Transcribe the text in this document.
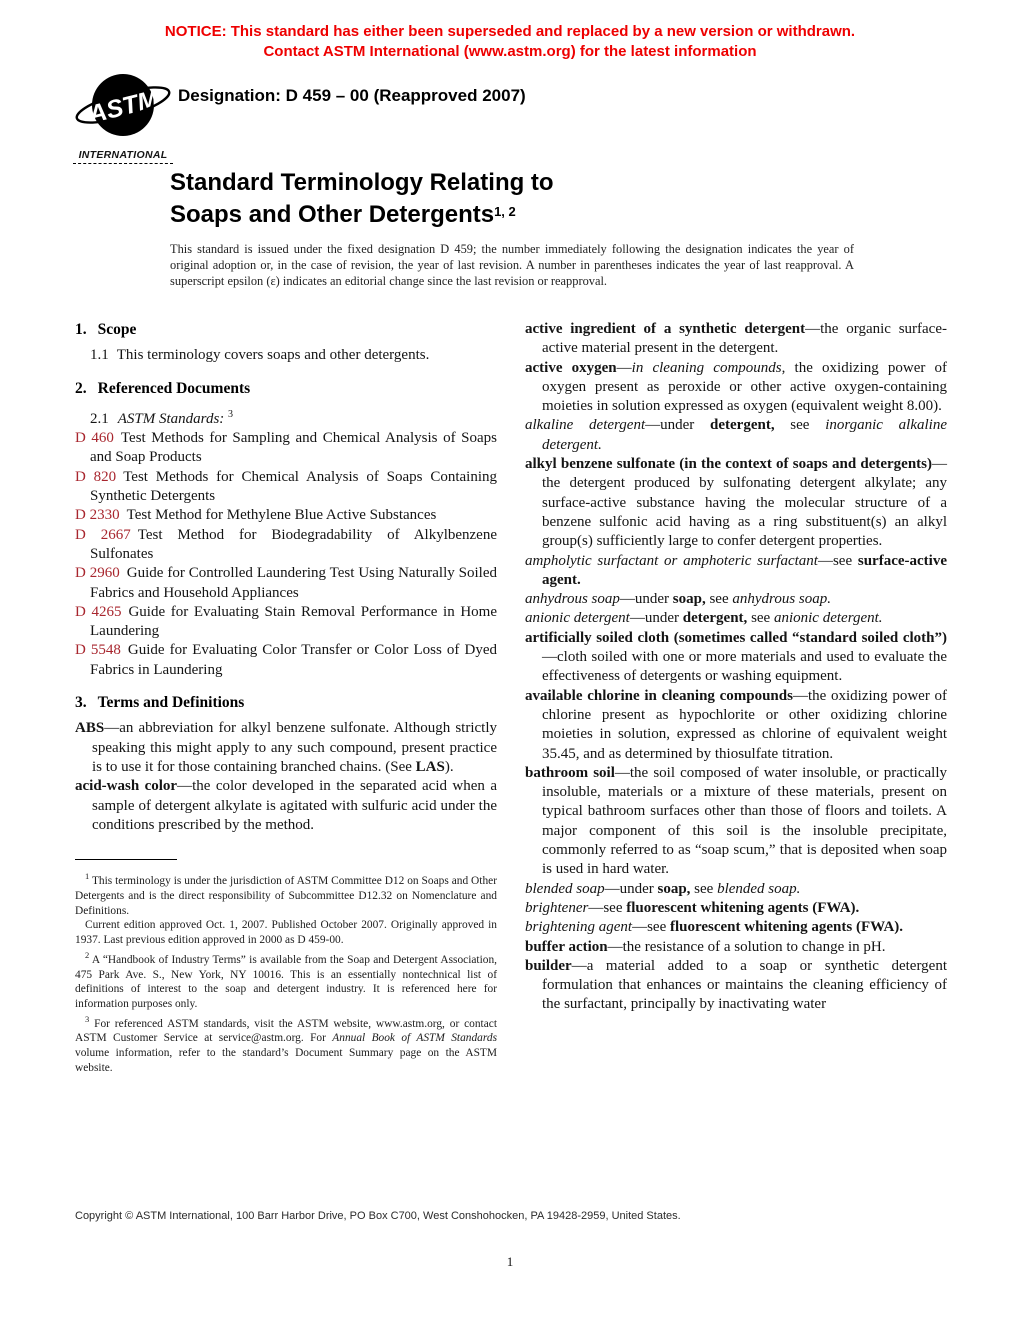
NOTICE: This standard has either been superseded and replaced by a new version or withdrawn.
Contact ASTM International (www.astm.org) for the latest information
ASTM
INTERNATIONAL
Designation: D 459 – 00 (Reapproved 2007)
Standard Terminology Relating to
Soaps and Other Detergents$^{1, 2}$
This standard is issued under the fixed designation D 459; the number immediately following the designation indicates the year of original adoption or, in the case of revision, the year of last revision. A number in parentheses indicates the year of last reapproval. A superscript epsilon (ε) indicates an editorial change since the last revision or reapproval.
1. Scope

1.1 This terminology covers soaps and other detergents.

2. Referenced Documents

2.1 ASTM Standards: $^3$

D 460 Test Methods for Sampling and Chemical Analysis of Soaps and Soap Products

D 820 Test Methods for Chemical Analysis of Soaps Containing Synthetic Detergents

D 2330 Test Method for Methylene Blue Active Substances

D 2667 Test Method for Biodegradability of Alkylbenzene Sulfonates

D 2960 Guide for Controlled Laundering Test Using Naturally Soiled Fabrics and Household Appliances

D 4265 Guide for Evaluating Stain Removal Performance in Home Laundering

D 5548 Guide for Evaluating Color Transfer or Color Loss of Dyed Fabrics in Laundering

3. Terms and Definitions

ABS—an abbreviation for alkyl benzene sulfonate. Although strictly speaking this might apply to any such compound, present practice is to use it for those containing branched chains. (See LAS).

acid-wash color—the color developed in the separated acid when a sample of detergent alkylate is agitated with sulfuric acid under the conditions prescribed by the method.

$^1$ This terminology is under the jurisdiction of ASTM Committee D12 on Soaps and Other Detergents and is the direct responsibility of Subcommittee D12.32 on Nomenclature and Definitions.

Current edition approved Oct. 1, 2007. Published October 2007. Originally approved in 1937. Last previous edition approved in 2000 as D 459-00.

$^2$ A “Handbook of Industry Terms” is available from the Soap and Detergent Association, 475 Park Ave. S., New York, NY 10016. This is an essentially nontechnical list of definitions of interest to the soap and detergent industry. It is referenced here for information purposes only.

$^3$ For referenced ASTM standards, visit the ASTM website, www.astm.org, or contact ASTM Customer Service at service@astm.org. For Annual Book of ASTM Standards volume information, refer to the standard’s Document Summary page on the ASTM website.

active ingredient of a synthetic detergent—the organic surface-active material present in the detergent.

active oxygen—in cleaning compounds, the oxidizing power of oxygen present as peroxide or other active oxygen-containing moieties in solution expressed as oxygen (equivalent weight 8.00).

alkaline detergent—under detergent, see inorganic alkaline detergent.

alkyl benzene sulfonate (in the context of soaps and detergents)—the detergent produced by sulfonating detergent alkylate; any surface-active substance having the molecular structure of a benzene sulfonic acid having as a ring substituent(s) an alkyl group(s) sufficiently large to confer detergent properties.

ampholytic surfactant or amphoteric surfactant—see surface-active agent.

anhydrous soap—under soap, see anhydrous soap.

anionic detergent—under detergent, see anionic detergent.

artificially soiled cloth (sometimes called “standard soiled cloth”)—cloth soiled with one or more materials and used to evaluate the effectiveness of detergents or washing equipment.

available chlorine in cleaning compounds—the oxidizing power of chlorine present as hypochlorite or other oxidizing chlorine moieties in solution, expressed as chlorine of equivalent weight 35.45, and as determined by thiosulfate titration.

bathroom soil—the soil composed of water insoluble, or practically insoluble, materials or a mixture of these materials, present on typical bathroom surfaces other than those of floors and toilets. A major component of this soil is the insoluble precipitate, commonly referred to as “soap scum,” that is deposited when soap is used in hard water.

blended soap—under soap, see blended soap.

brightener—see fluorescent whitening agents (FWA).

brightening agent—see fluorescent whitening agents (FWA).

buffer action—the resistance of a solution to change in pH.

builder—a material added to a soap or synthetic detergent formulation that enhances or maintains the cleaning efficiency of the surfactant, principally by inactivating water

Copyright © ASTM International, 100 Barr Harbor Drive, PO Box C700, West Conshohocken, PA 19428-2959, United States.
1
